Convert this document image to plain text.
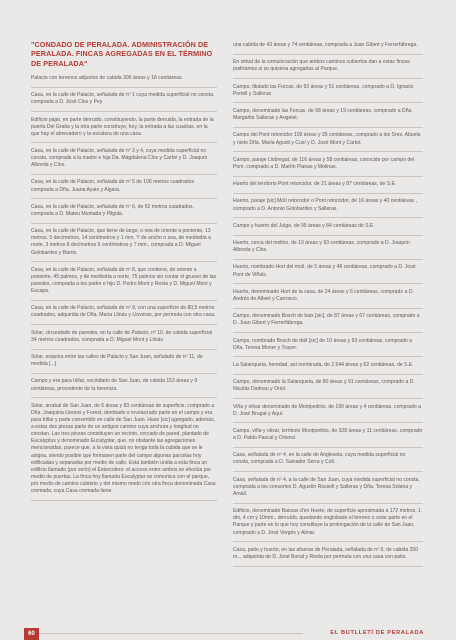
"CONDADO DE PERALADA. ADMINISTRACIÓN DE PERALADA. FINCAS AGREGADAS EN EL TÉRMINO DE PERALADA"

Palacio con terrenos adjuntos de cabida 306 áreas y 18 centiáreas.

Casa, en la calle de Palacio, señalada de nº 1 cuya medida superficial no consta, comprada a D. José Clos y Pey.

Edificio pajar, en parte derruido, constituyendo, la parte derruida, la entrada de la puerta Del Gratia y la otra parte construye, hoy, la entrada a las cuadras, en la que hay el abrevadero y la escalera de una casa.

Casa, en la calle de Palacio, señalada de nº 3 y 4, cuya medida superficial no consta, comprada a la madre e hija Da. Magdalena Clos y Carbó y D. Joaquín Albreda y Clos.

Casa, en la calle de Palacio, señalada de nº 5 de 106 metros cuadrados comprada a Dña. Juana Ayats y Algara.

Casa, en la calle de Palacio, señalada de nº 6, de 62 metros cuadrados, comprada a D. Mateu Muntada y Pilgola.

Casa, en la calle de Palacio, que tiene de largo, o sea de oriente a poniente, 13 metros. 5 decímetros, 14 centímetros y 1 mm. Y de ancho o sea, de mediodía a norte, 3 metros 8 decímetros 9 centímetros y 7 mm., comprada a D. Miguel Golobardes y Barris.

Casa, en la calle de Palacio, señalada de nº 8, que contiene, de oriente a poniente, 45 palmos, y de mediodía a norte, 75 palmos sin contar el grueso de las paredes, comprada a los padre e hijo D. Pedro Mont y Resta y D. Miguel Mont y Escapa.

Casa, en la calle de Palacio, señalada de nº 9, con una superficie de 80,5 metros cuadrados, adquirida de Dña. María Llinás y Lloveras, por permuta con otra casa.

Solar, circundado de paredes, en la calle de Palacio, nº 10, de cabida superficial 34 metros cuadrados, comprada a D. Miguel Mont y Llinás.

Solar, esquina entre las calles de Palacio y San Juan, señalado de nº 11, de medida [...]

Campo y era para trillar, vecindario de San Juan, de cabida 153 áreas y 9 centiáreas, procedente de la herencia.

Solar, arrabal de San Juan, de 6 áreas y 83 centiáreas de superficie, comprado a Dña. Joaquina Lleonci y Forest, derribado e involucrado parte en el campo y era para trillar y parte convertido en calle de San Juan. Hase [sic] agregado, además, a estas dos piezas parte de un antiguo camino cuya anchura y longitud no constan. Las tres piezas constituyen un recinto, cercado de pared, plantado de Eucalyptus y denominado Eucalyptar, que, no obstante las agregaciones mencionadas, parece que, a la vista quizá no tenga toda la cabida que se le asigna, siendo posible que formasen parte del campo algunas parcelas hoy edificadas y separadas por medio de calle. Está también unida a esta finca un edificio llamado (por serlo) el Estercolero: el acceso entre ambos se efectúa por medio de puertas. La finca hoy llamada Eucalyptar se comunica con el parque, por medio de camino cubierto y del mismo modo con otra finca denominada Casa cremada, cuya Casa cremada tiene

una cabida de 43 áreas y 74 centiáreas, comprada a Juan Gibert y Ferrerfábrega.

En virtud de la comunicación que ambos caminos cubiertos dan a estas fincas podríamos si so quisiera agregarlas al Parque.

Campo, titulado las Forcas, de 92 áreas y 51 centiáreas, comprado a D. Ignacio Portell y Salleras

Campo, denominado las Forcas, de 98 áreas y 19 centiáreas, comprado a Dña. Margarita Salleras y Angelet.

Campo del Pont retorcidor 109 áreas y 35 centiáreas, comprado a los Sres. Abuela y nieto Dña. María Agusti y Cusí y D. José Mont y Carbó.

Campo, paraje Llobregat, de 116 áreas y 58 centiáreas, conocido por campo del Pont, comprado a D. Martín Planas y Molinas.

Huerto del territorio Pont retorcidor, de 21 áreas y 87 centiáreas, de S.E.

Huerto, paraje [sic] Molí retorcidor o Pont retorcidor, de 16 áreas y 40 centiáreas , comprado a D. Antonio Golobardes y Salleras.

Campo y huerto del Julge, de 95 áreas y 84 centiáreas de S.E.

Huerto, cerca del molino, de 10 áreas y 93 centiáreas, comprado a D. Joaquín Albreda y Clos.

Huerto, nombrado Hort del molí, de 5 áreas y 46 centiáreas, comprado a D. José Pont de Viñals.

Huerto, denominado Hort de la casa, de 24 áreas y 6 centiáreas, comprado a D. Andrés de Albert y Carrosco.

Campo, denominado Bosch de baix [sic], de 87 áreas y 67 centiáreas, comprado a D. Juan Gibert y Ferrerfábrega.

Campo, nombrado Bosch de dalt [sic] de 10 áreas y 93 centiáreas, comprado a Dña. Teresa Moner y Trayer.

La Salanqueta, heredad, así nombrada, de 2.544 áreas y 62 centiáreas, de S.E.

Campo, denominado la Salanqueta, de 80 áreas y 91 centiáreas, comprado a D. Nicolás Dalmau y Oriol.

Viña y olivar denominado de Montpedrós, de 190 áreas y 4 centiáreas, comprado a D. José Brugat y Aquí.

Campo, viña y olivar, territorio Montpedrós, de 328 áreas y 11 centiáreas, comprado a D. Pablo Pascal y Ortenci.

Casa, señalada de nº 4, en la calle de Anglesola, cuya medida superficial no consta, comprada a D. Salvador Serra y Coll.

Casa, señalada de nº 4, a la calle de San Juan, cuya medida superficial no consta, comprada a los consortes D. Agustín Rossell y Salleras y Dña. Teresa Solana y Amall.

Edificio, denominado Bassas d'en Huete, de superficie aproximada a 172 metros, 1 dm, 4 cm y 10mm., derruído, quedando englobado el terreno o solar parte en el Parque y parte en lo que hoy constituye la prolongación de la calle de San Juan, comprado a D. José Vergés y Almar.

Casa, patio y huerto, en las afueras de Peralada, señalada de nº 9, de cabida 250 m.., adquirida de D. José Bonal y Resta por permuta con una casa con patio.

60	EL BUTLLETÍ DE PERALADA
